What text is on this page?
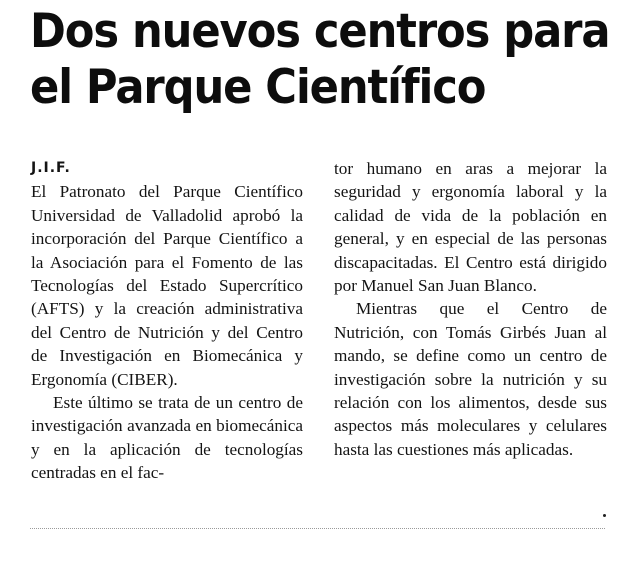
Dos nuevos centros para
el Parque Científico
J.I.F.

El Patronato del Parque Científico Universidad de Valladolid aprobó la incorporación del Parque Científico a la Asociación para el Fomento de las Tecnologías del Estado Supercrítico (AFTS) y la creación administrativa del Centro de Nutrición y del Centro de Investigación en Biomecánica y Ergonomía (CIBER).

Este último se trata de un centro de investigación avanzada en biomecánica y en la aplicación de tecnologías centradas en el fac-

tor humano en aras a mejorar la seguridad y ergonomía laboral y la calidad de vida de la población en general, y en especial de las personas discapacitadas. El Centro está dirigido por Manuel San Juan Blanco.

Mientras que el Centro de Nutrición, con Tomás Girbés Juan al mando, se define como un centro de investigación sobre la nutrición y su relación con los alimentos, desde sus aspectos más moleculares y celulares hasta las cuestiones más aplicadas.
